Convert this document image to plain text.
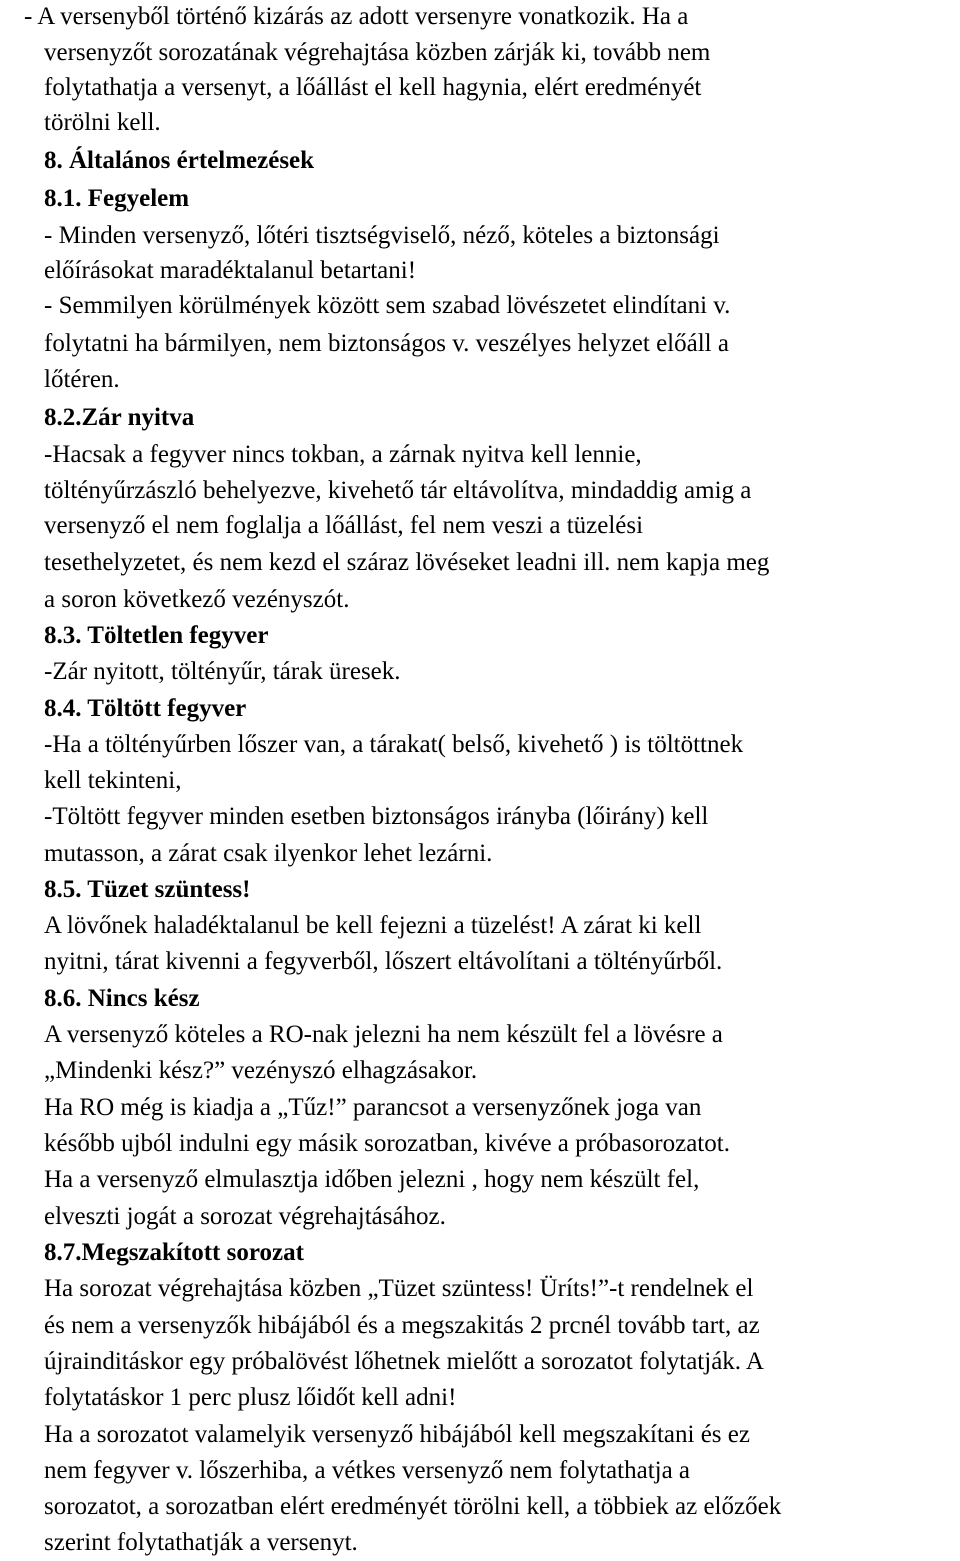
- A versenyből történő kizárás az adott versenyre vonatkozik. Ha a

versenyzőt sorozatának végrehajtása közben zárják ki, tovább nem

folytathatja a versenyt, a lőállást el kell hagynia, elért eredményét

törölni kell.

8. Általános értelmezések

8.1. Fegyelem

- Minden versenyző, lőtéri tisztségviselő, néző, köteles a biztonsági

előírásokat maradéktalanul betartani!

- Semmilyen körülmények között sem szabad lövészetet elindítani v.

folytatni ha bármilyen, nem biztonságos v. veszélyes helyzet előáll a

lőtéren.

8.2.Zár nyitva

-Hacsak a fegyver nincs tokban, a zárnak nyitva kell lennie,

töltényűrzászló behelyezve, kivehető tár eltávolítva, mindaddig amig a

versenyző el nem foglalja a lőállást, fel nem veszi a tüzelési

tesethelyzetet, és nem kezd el száraz lövéseket leadni ill. nem kapja meg

a soron következő vezényszót.

8.3. Töltetlen fegyver

-Zár nyitott, töltényűr, tárak üresek.

8.4. Töltött fegyver

-Ha a töltényűrben lőszer van, a tárakat( belső, kivehető ) is töltöttnek

kell tekinteni,

-Töltött fegyver minden esetben biztonságos irányba (lőirány) kell

mutasson, a zárat csak ilyenkor lehet lezárni.

8.5. Tüzet szüntess!

A lövőnek haladéktalanul be kell fejezni a tüzelést! A zárat ki kell

nyitni, tárat kivenni a fegyverből, lőszert eltávolítani a töltényűrből.

8.6. Nincs kész

A versenyző köteles a RO-nak jelezni ha nem készült fel a lövésre a

„Mindenki kész?” vezényszó elhagzásakor.

Ha RO még is kiadja a „Tűz!” parancsot a versenyzőnek joga van

később ujból indulni egy másik sorozatban, kivéve a próbasorozatot.

Ha a versenyző elmulasztja időben jelezni , hogy nem készült fel,

elveszti jogát a sorozat végrehajtásához.

8.7.Megszakított sorozat

Ha sorozat végrehajtása közben „Tüzet szüntess! Üríts!”-t rendelnek el

és nem a versenyzők hibájából és a megszakitás 2 prcnél tovább tart, az

újrainditáskor egy próbalövést lőhetnek mielőtt a sorozatot folytatják. A

folytatáskor 1 perc plusz lőidőt kell adni!

Ha a sorozatot valamelyik versenyző hibájából kell megszakítani és ez

nem fegyver v. lőszerhiba, a vétkes versenyző nem folytathatja a

sorozatot, a sorozatban elért eredményét törölni kell, a többiek az előzőek

szerint folytathatják a versenyt.
